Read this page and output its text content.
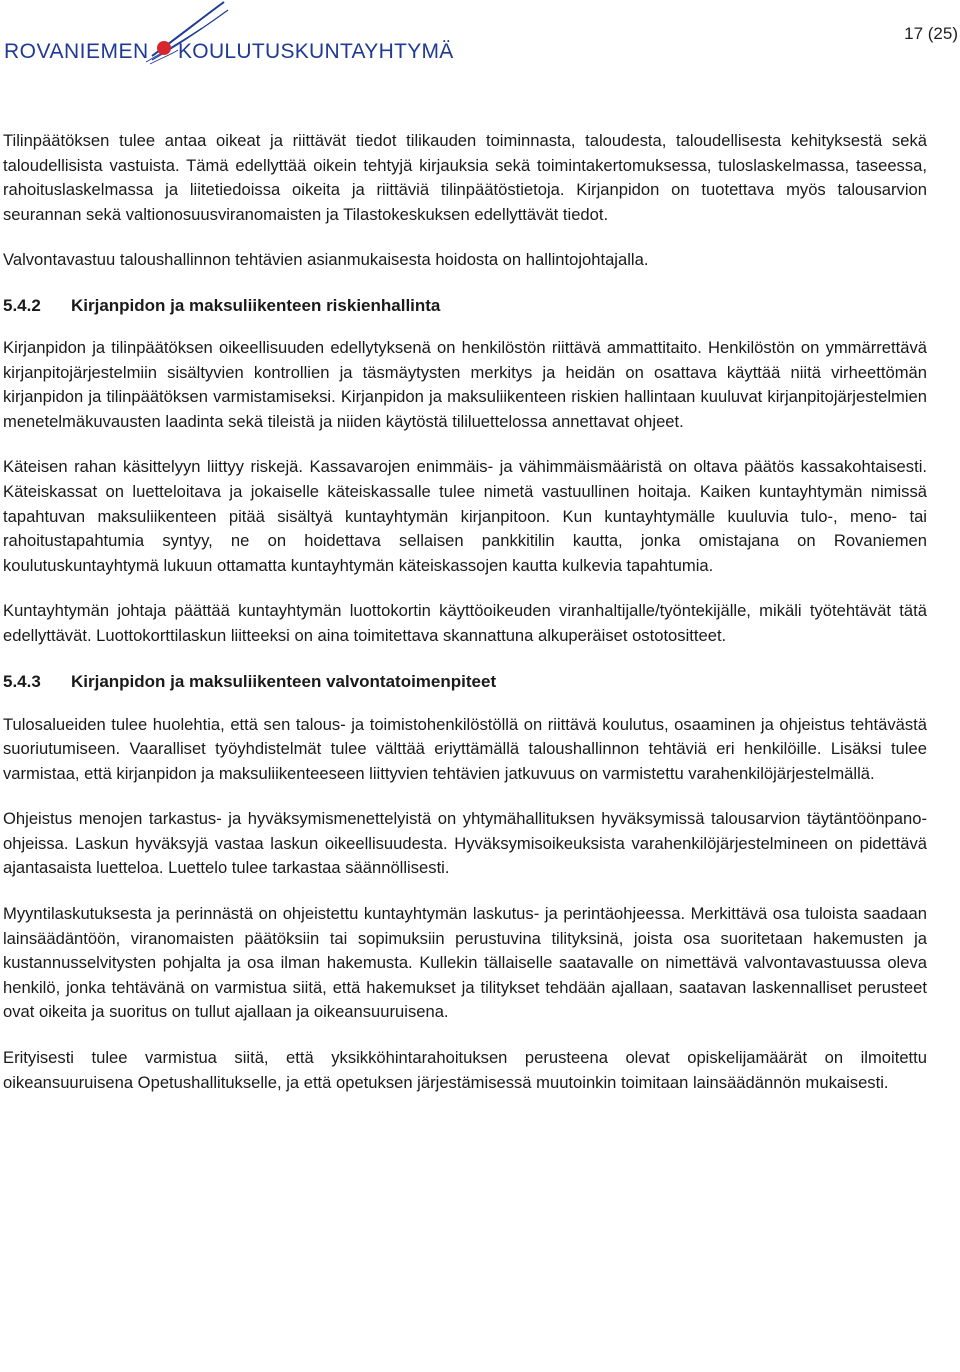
ROVANIEMEN KOULUTUSKUNTAYHTYMÄ
17 (25)

Tilinpäätöksen tulee antaa oikeat ja riittävät tiedot tilikauden toiminnasta, taloudesta, taloudellisesta kehityksestä sekä taloudellisista vastuista. Tämä edellyttää oikein tehtyjä kirjauksia sekä toimintakertomuksessa, tuloslaskelmassa, taseessa, rahoituslaskelmassa ja liitetiedoissa oikeita ja riittäviä tilinpäätöstietoja. Kirjanpidon on tuotettava myös talousarvion seurannan sekä valtionosuusviranomaisten ja Tilastokeskuksen edellyttävät tiedot.

Valvontavastuu taloushallinnon tehtävien asianmukaisesta hoidosta on hallintojohtajalla.

5.4.2 Kirjanpidon ja maksuliikenteen riskienhallinta

Kirjanpidon ja tilinpäätöksen oikeellisuuden edellytyksenä on henkilöstön riittävä ammattitaito. Henkilöstön on ymmärrettävä kirjanpitojärjestelmiin sisältyvien kontrollien ja täsmäytysten merkitys ja heidän on osattava käyttää niitä virheettömän kirjanpidon ja tilinpäätöksen varmistamiseksi. Kirjanpidon ja maksuliikenteen riskien hallintaan kuuluvat kirjanpitojärjestelmien menetelmäkuvausten laadinta sekä tileistä ja niiden käytöstä tililuettelossa annettavat ohjeet.

Käteisen rahan käsittelyyn liittyy riskejä. Kassavarojen enimmäis- ja vähimmäismääristä on oltava päätös kassakohtaisesti. Käteiskassat on luetteloitava ja jokaiselle käteiskassalle tulee nimetä vastuullinen hoitaja. Kaiken kuntayhtymän nimissä tapahtuvan maksuliikenteen pitää sisältyä kuntayhtymän kirjanpitoon. Kun kuntayhtymälle kuuluvia tulo-, meno- tai rahoitustapahtumia syntyy, ne on hoidettava sellaisen pankkitilin kautta, jonka omistajana on Rovaniemen koulutuskuntayhtymä lukuun ottamatta kuntayhtymän käteiskassojen kautta kulkevia tapahtumia.

Kuntayhtymän johtaja päättää kuntayhtymän luottokortin käyttöoikeuden viranhaltijalle/työntekijälle, mikäli työtehtävät tätä edellyttävät. Luottokorttilaskun liitteeksi on aina toimitettava skannattuna alkuperäiset ostotositteet.

5.4.3 Kirjanpidon ja maksuliikenteen valvontatoimenpiteet

Tulosalueiden tulee huolehtia, että sen talous- ja toimistohenkilöstöllä on riittävä koulutus, osaaminen ja ohjeistus tehtävästä suoriutumiseen. Vaaralliset työyhdistelmät tulee välttää eriyttämällä taloushallinnon tehtäviä eri henkilöille. Lisäksi tulee varmistaa, että kirjanpidon ja maksuliikenteeseen liittyvien tehtävien jatkuvuus on varmistettu varahenkilöjärjestelmällä.

Ohjeistus menojen tarkastus- ja hyväksymismenettelyistä on yhtymähallituksen hyväksymissä talousarvion täytäntöönpano-ohjeissa. Laskun hyväksyjä vastaa laskun oikeellisuudesta. Hyväksymisoikeuksista varahenkilöjärjestelmineen on pidettävä ajantasaista luetteloa. Luettelo tulee tarkastaa säännöllisesti.

Myyntilaskutuksesta ja perinnästä on ohjeistettu kuntayhtymän laskutus- ja perintäohjeessa. Merkittävä osa tuloista saadaan lainsäädäntöön, viranomaisten päätöksiin tai sopimuksiin perustuvina tilityksinä, joista osa suoritetaan hakemusten ja kustannusselvitysten pohjalta ja osa ilman hakemusta. Kullekin tällaiselle saatavalle on nimettävä valvontavastuussa oleva henkilö, jonka tehtävänä on varmistua siitä, että hakemukset ja tilitykset tehdään ajallaan, saatavan laskennalliset perusteet ovat oikeita ja suoritus on tullut ajallaan ja oikeansuuruisena.

Erityisesti tulee varmistua siitä, että yksikköhintarahoituksen perusteena olevat opiskelijamäärät on ilmoitettu oikeansuuruisena Opetushallitukselle, ja että opetuksen järjestämisessä muutoinkin toimitaan lainsäädännön mukaisesti.
